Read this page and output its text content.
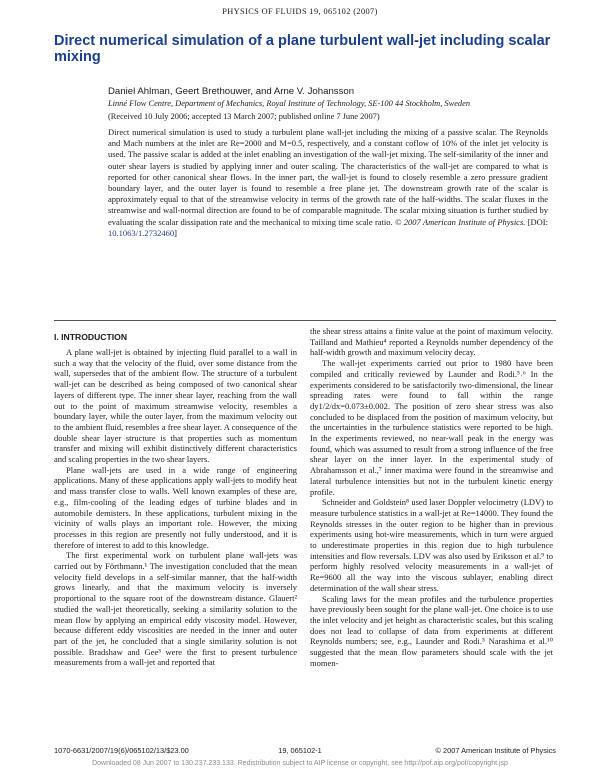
PHYSICS OF FLUIDS 19, 065102 (2007)
Direct numerical simulation of a plane turbulent wall-jet including scalar mixing
Daniel Ahlman, Geert Brethouwer, and Arne V. Johansson
Linné Flow Centre, Department of Mechanics, Royal Institute of Technology, SE-100 44 Stockholm, Sweden
(Received 10 July 2006; accepted 13 March 2007; published online 7 June 2007)
Direct numerical simulation is used to study a turbulent plane wall-jet including the mixing of a passive scalar. The Reynolds and Mach numbers at the inlet are Re=2000 and M=0.5, respectively, and a constant coflow of 10% of the inlet jet velocity is used. The passive scalar is added at the inlet enabling an investigation of the wall-jet mixing. The self-similarity of the inner and outer shear layers is studied by applying inner and outer scaling. The characteristics of the wall-jet are compared to what is reported for other canonical shear flows. In the inner part, the wall-jet is found to closely resemble a zero pressure gradient boundary layer, and the outer layer is found to resemble a free plane jet. The downstream growth rate of the scalar is approximately equal to that of the streamwise velocity in terms of the growth rate of the half-widths. The scalar fluxes in the streamwise and wall-normal direction are found to be of comparable magnitude. The scalar mixing situation is further studied by evaluating the scalar dissipation rate and the mechanical to mixing time scale ratio. © 2007 American Institute of Physics. [DOI: 10.1063/1.2732460]
I. INTRODUCTION

A plane wall-jet is obtained by injecting fluid parallel to a wall in such a way that the velocity of the fluid, over some distance from the wall, supersedes that of the ambient flow. The structure of a turbulent wall-jet can be described as being composed of two canonical shear layers of different type. The inner shear layer, reaching from the wall out to the point of maximum streamwise velocity, resembles a boundary layer, while the outer layer, from the maximum velocity out to the ambient fluid, resembles a free shear layer. A consequence of the double shear layer structure is that properties such as momentum transfer and mixing will exhibit distinctively different characteristics and scaling properties in the two shear layers.

Plane wall-jets are used in a wide range of engineering applications. Many of these applications apply wall-jets to modify heat and mass transfer close to walls. Well known examples of these are, e.g., film-cooling of the leading edges of turbine blades and in automobile demisters. In these applications, turbulent mixing in the vicinity of walls plays an important role. However, the mixing processes in this region are presently not fully understood, and it is therefore of interest to add to this knowledge.

The first experimental work on turbulent plane wall-jets was carried out by Förthmann.¹ The investigation concluded that the mean velocity field develops in a self-similar manner, that the half-width grows linearly, and that the maximum velocity is inversely proportional to the square root of the downstream distance. Glauert² studied the wall-jet theoretically, seeking a similarity solution to the mean flow by applying an empirical eddy viscosity model. However, because different eddy viscosities are needed in the inner and outer part of the jet, he concluded that a single similarity solution is not possible. Bradshaw and Gee³ were the first to present turbulence measurements from a wall-jet and reported that

the shear stress attains a finite value at the point of maximum velocity. Tailland and Mathieu⁴ reported a Reynolds number dependency of the half-width growth and maximum velocity decay.

The wall-jet experiments carried out prior to 1980 have been compiled and critically reviewed by Launder and Rodi.⁵˒⁶ In the experiments considered to be satisfactorily two-dimensional, the linear spreading rates were found to fall within the range dy1/2/dx=0.073±0.002. The position of zero shear stress was also concluded to be displaced from the position of maximum velocity, but the uncertainties in the turbulence statistics were reported to be high. In the experiments reviewed, no near-wall peak in the energy was found, which was assumed to result from a strong influence of the free shear layer on the inner layer. In the experimental study of Abrahamsson et al.,⁷ inner maxima were found in the streamwise and lateral turbulence intensities but not in the turbulent kinetic energy profile.

Schneider and Goldstein⁸ used laser Doppler velocimetry (LDV) to measure turbulence statistics in a wall-jet at Re=14000. They found the Reynolds stresses in the outer region to be higher than in previous experiments using hot-wire measurements, which in turn were argued to underestimate properties in this region due to high turbulence intensities and flow reversals. LDV was also used by Eriksson et al.⁹ to perform highly resolved velocity measurements in a wall-jet of Re=9600 all the way into the viscous sublayer, enabling direct determination of the wall shear stress.

Scaling laws for the mean profiles and the turbulence properties have previously been sought for the plane wall-jet. One choice is to use the inlet velocity and jet height as characteristic scales, but this scaling does not lead to collapse of data from experiments at different Reynolds numbers; see, e.g., Launder and Rodi.⁵ Narashima et al.¹⁰ suggested that the mean flow parameters should scale with the jet momen-

1070-6631/2007/19(6)/065102/13/$23.00	19, 065102-1	© 2007 American Institute of Physics
Downloaded 08 Jun 2007 to 130.237.233.133. Redistribution subject to AIP license or copyright, see http://pof.aip.org/pof/copyright.jsp
